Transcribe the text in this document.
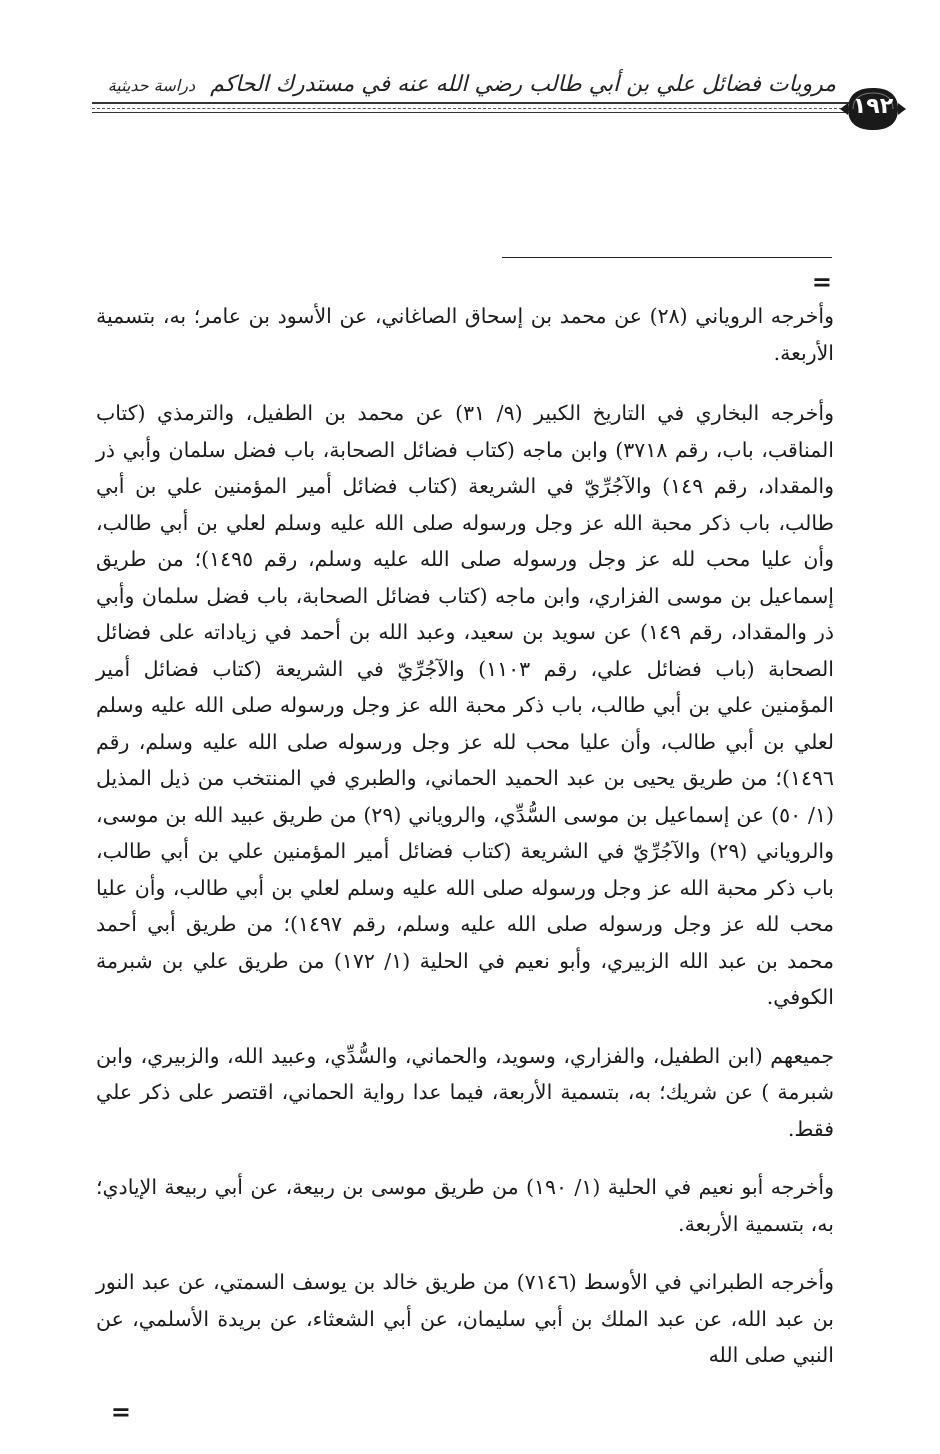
مرويات فضائل علي بن أبي طالب رضي الله عنه في مستدرك الحاكم دراسة حديثية
١٩٢
=

وأخرجه الروياني (٢٨) عن محمد بن إسحاق الصاغاني، عن الأسود بن عامر؛ به، بتسمية الأربعة.

وأخرجه البخاري في التاريخ الكبير (٩/ ٣١) عن محمد بن الطفيل، والترمذي (كتاب المناقب، باب، رقم ٣٧١٨) وابن ماجه (كتاب فضائل الصحابة، باب فضل سلمان وأبي ذر والمقداد، رقم ١٤٩) والآجُرِّيّ في الشريعة (كتاب فضائل أمير المؤمنين علي بن أبي طالب، باب ذكر محبة الله عز وجل ورسوله صلى الله عليه وسلم لعلي بن أبي طالب، وأن عليا محب لله عز وجل ورسوله صلى الله عليه وسلم، رقم ١٤٩٥)؛ من طريق إسماعيل بن موسى الفزاري، وابن ماجه (كتاب فضائل الصحابة، باب فضل سلمان وأبي ذر والمقداد، رقم ١٤٩) عن سويد بن سعيد، وعبد الله بن أحمد في زياداته على فضائل الصحابة (باب فضائل علي، رقم ١١٠٣) والآجُرِّيّ في الشريعة (كتاب فضائل أمير المؤمنين علي بن أبي طالب، باب ذكر محبة الله عز وجل ورسوله صلى الله عليه وسلم لعلي بن أبي طالب، وأن عليا محب لله عز وجل ورسوله صلى الله عليه وسلم، رقم ١٤٩٦)؛ من طريق يحيى بن عبد الحميد الحماني، والطبري في المنتخب من ذيل المذيل (١/ ٥٠) عن إسماعيل بن موسى السُّدِّي، والروياني (٢٩) من طريق عبيد الله بن موسى، والروياني (٢٩) والآجُرِّيّ في الشريعة (كتاب فضائل أمير المؤمنين علي بن أبي طالب، باب ذكر محبة الله عز وجل ورسوله صلى الله عليه وسلم لعلي بن أبي طالب، وأن عليا محب لله عز وجل ورسوله صلى الله عليه وسلم، رقم ١٤٩٧)؛ من طريق أبي أحمد محمد بن عبد الله الزبيري، وأبو نعيم في الحلية (١/ ١٧٢) من طريق علي بن شبرمة الكوفي.

جميعهم (ابن الطفيل، والفزاري، وسويد، والحماني، والسُّدِّي، وعبيد الله، والزبيري، وابن شبرمة ) عن شريك؛ به، بتسمية الأربعة، فيما عدا رواية الحماني، اقتصر على ذكر علي فقط.

وأخرجه أبو نعيم في الحلية (١/ ١٩٠) من طريق موسى بن ربيعة، عن أبي ربيعة الإيادي؛ به، بتسمية الأربعة.

وأخرجه الطبراني في الأوسط (٧١٤٦) من طريق خالد بن يوسف السمتي، عن عبد النور بن عبد الله، عن عبد الملك بن أبي سليمان، عن أبي الشعثاء، عن بريدة الأسلمي، عن النبي صلى الله

=
